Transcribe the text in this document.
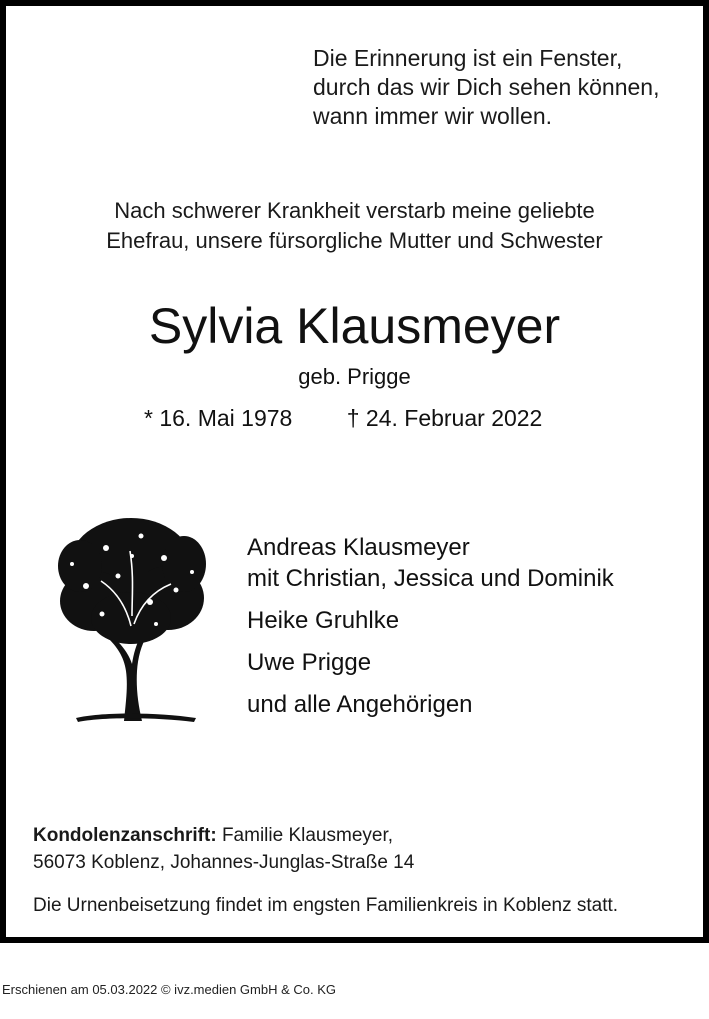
Die Erinnerung ist ein Fenster,
durch das wir Dich sehen können,
wann immer wir wollen.
Nach schwerer Krankheit verstarb meine geliebte
Ehefrau, unsere fürsorgliche Mutter und Schwester
Sylvia Klausmeyer
geb. Prigge
* 16. Mai 1978 † 24. Februar 2022
Andreas Klausmeyer
mit Christian, Jessica und Dominik
Heike Gruhlke
Uwe Prigge
und alle Angehörigen
Kondolenzanschrift: Familie Klausmeyer,
56073 Koblenz, Johannes-Junglas-Straße 14
Die Urnenbeisetzung findet im engsten Familienkreis in Koblenz statt.
Erschienen am 05.03.2022 © ivz.medien GmbH & Co. KG
